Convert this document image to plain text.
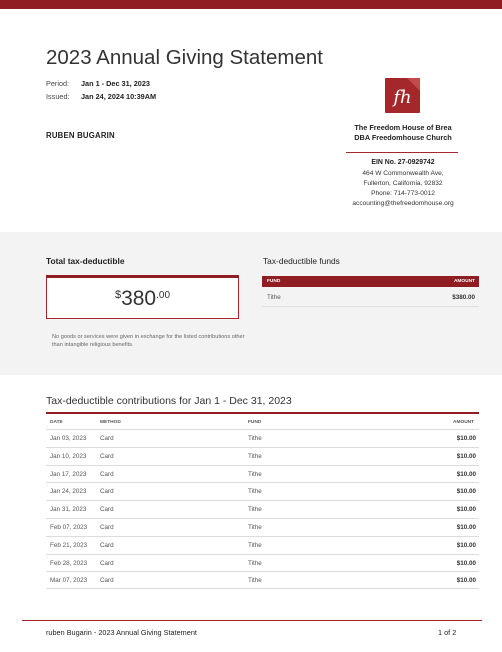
2023 Annual Giving Statement
Period: Jan 1 - Dec 31, 2023
Issued: Jan 24, 2024 10:39AM
RUBEN BUGARIN
fh
The Freedom House of Brea
DBA Freedomhouse Church
EIN No. 27-0929742
464 W Commonwealth Ave,
Fullerton, California, 92832
Phone: 714-773-0012
accounting@thefreedomhouse.org
Total tax-deductible
$^{\$}380^{.00}$
No goods or services were given in exchange for the listed contributions other than intangible religious benefits.
Tax-deductible funds
FUND	AMOUNT
Tithe	$380.00
Tax-deductible contributions for Jan 1 - Dec 31, 2023
DATE	METHOD	FUND	AMOUNT
Jan 03, 2023 Card	Tithe	$10.00
Jan 10, 2023 Card	Tithe	$10.00
Jan 17, 2023 Card	Tithe	$10.00
Jan 24, 2023 Card	Tithe	$10.00
Jan 31, 2023 Card	Tithe	$10.00
Feb 07, 2023 Card	Tithe	$10.00
Feb 21, 2023 Card	Tithe	$10.00
Feb 28, 2023 Card	Tithe	$10.00
Mar 07, 2023 Card	Tithe	$10.00
ruben Bugarin - 2023 Annual Giving Statement	1 of 2
